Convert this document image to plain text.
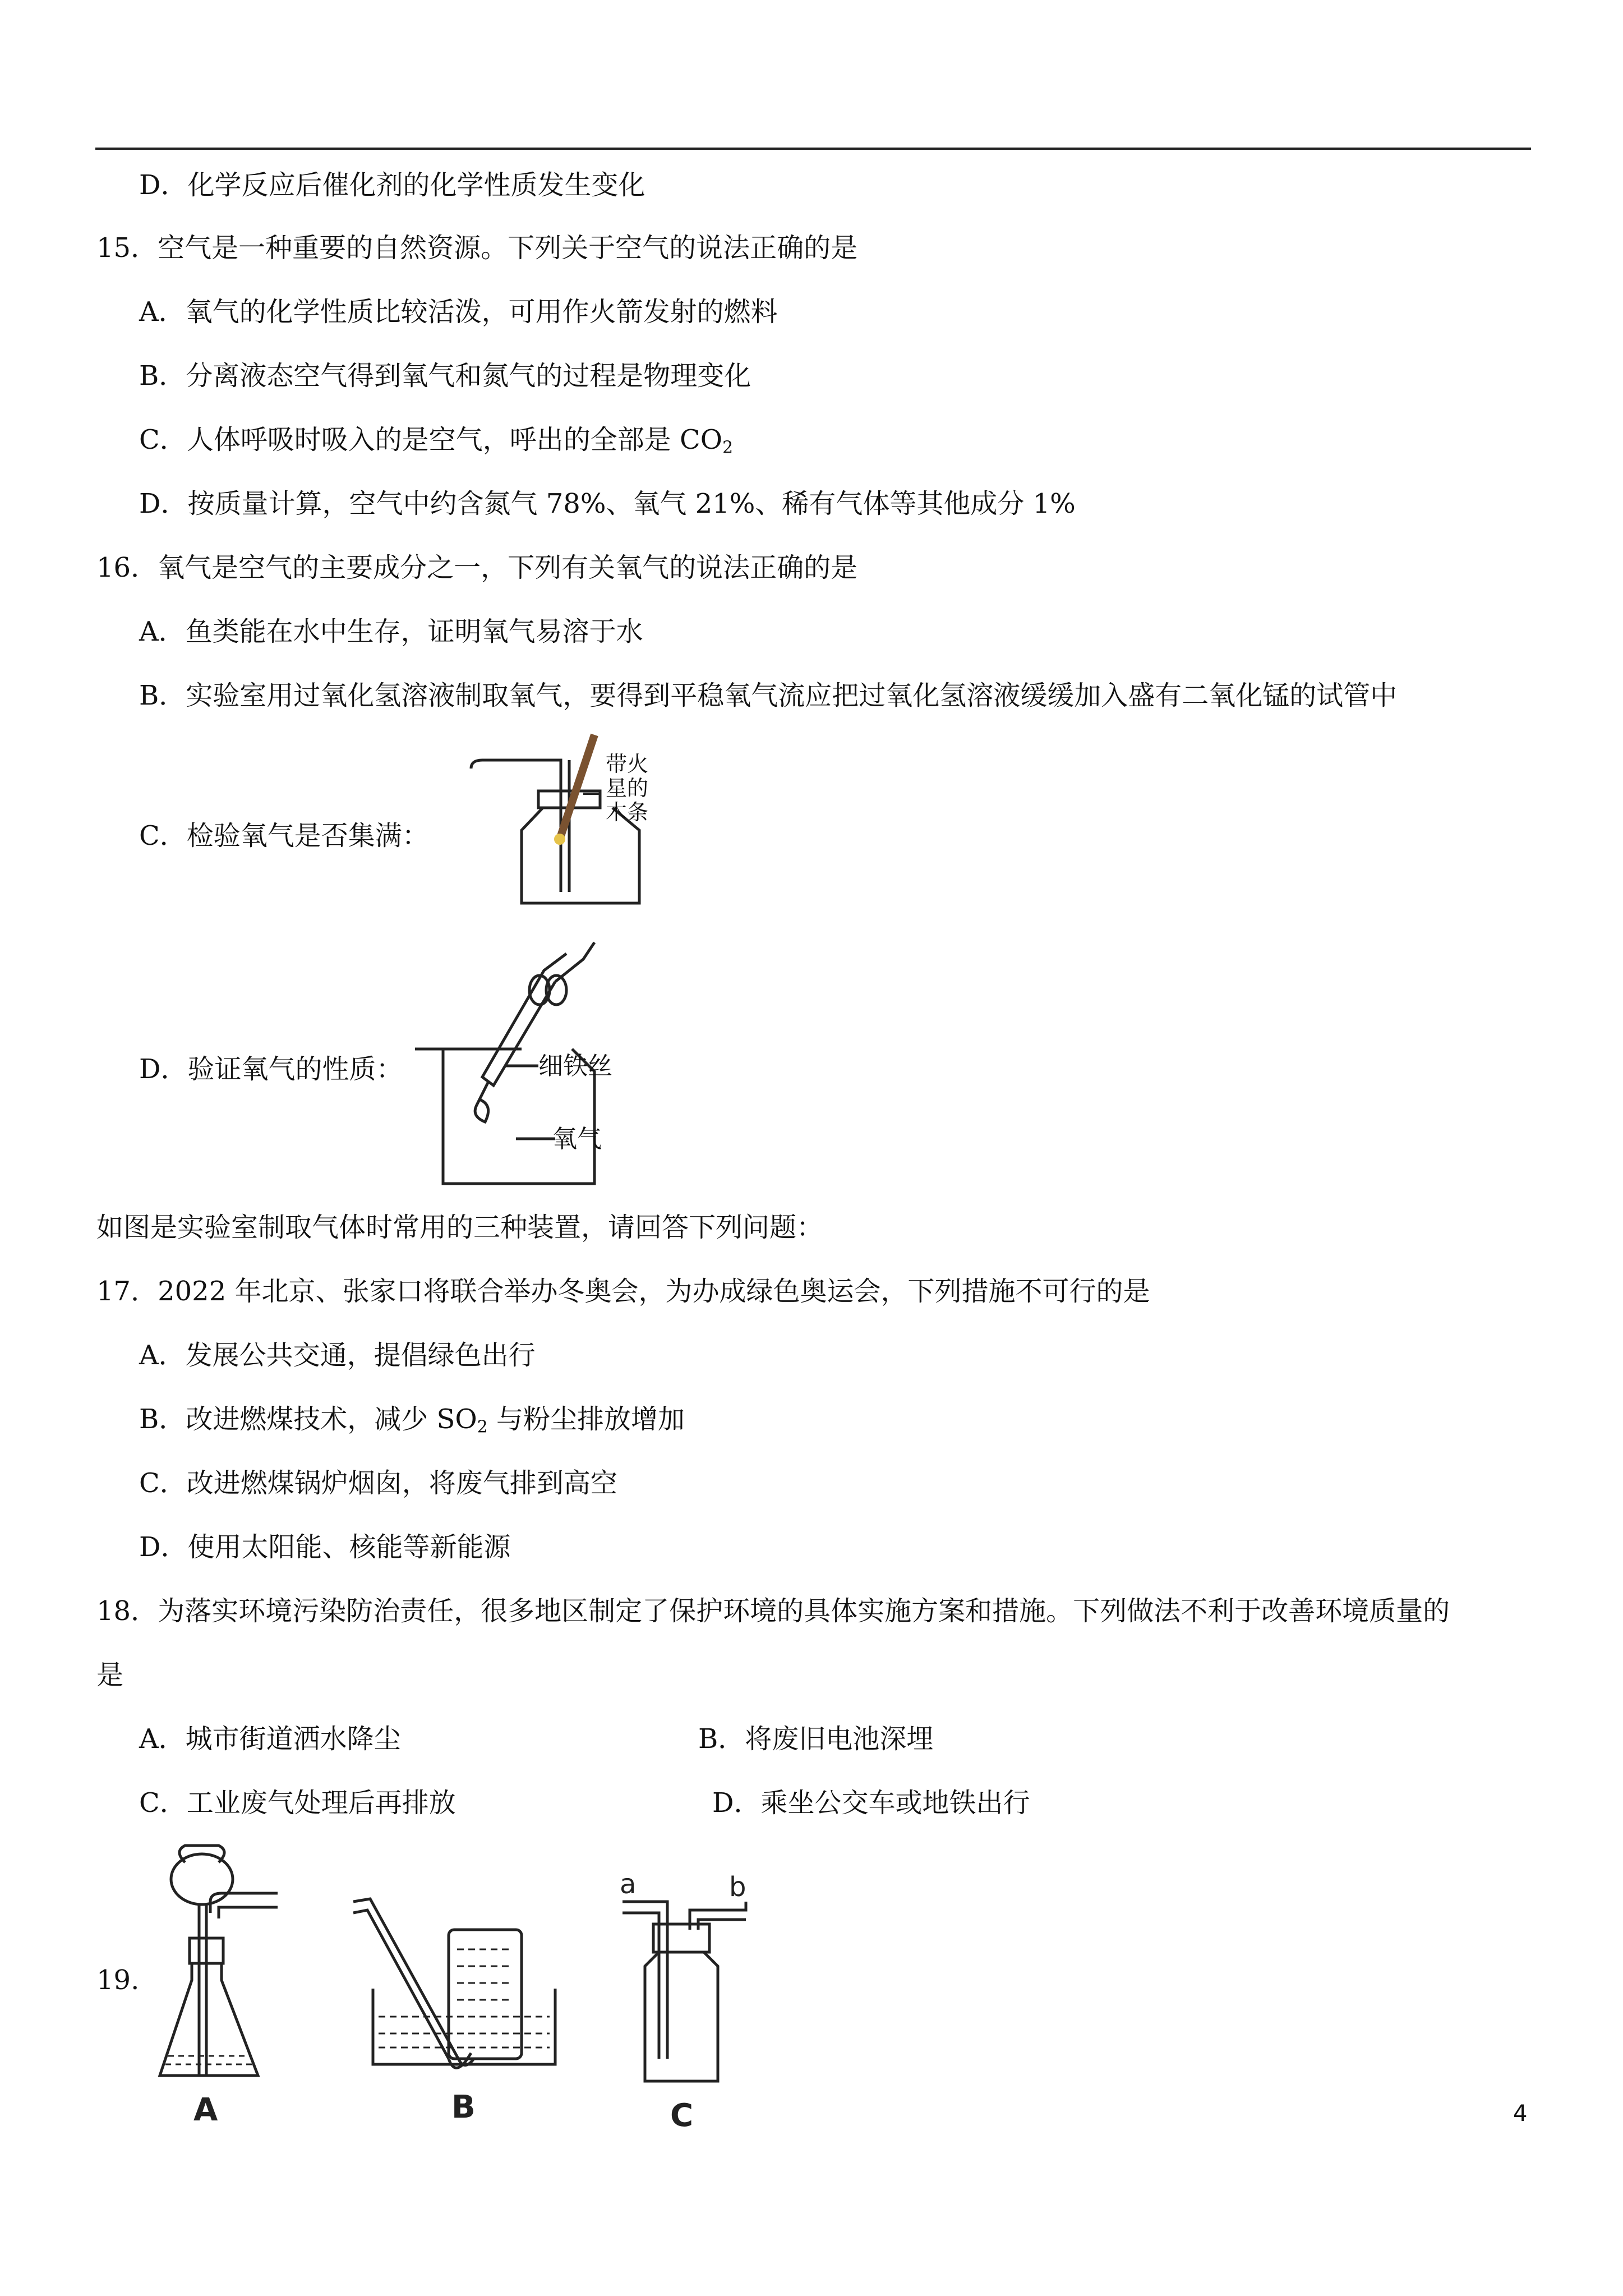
D．化学反应后催化剂的化学性质发生变化
15．空气是一种重要的自然资源。下列关于空气的说法正确的是
A．氧气的化学性质比较活泼，可用作火箭发射的燃料
B．分离液态空气得到氧气和氮气的过程是物理变化
C．人体呼吸时吸入的是空气，呼出的全部是 $CO_2$
D．按质量计算，空气中约含氮气 78%、氧气 21%、稀有气体等其他成分 1%
16．氧气是空气的主要成分之一，下列有关氧气的说法正确的是
A．鱼类能在水中生存，证明氧气易溶于水
B．实验室用过氧化氢溶液制取氧气，要得到平稳氧气流应把过氧化氢溶液缓缓加入盛有二氧化锰的试管中
C．检验氧气是否集满：
带火
星的
木条
D．验证氧气的性质：	细铁丝
氧气
如图是实验室制取气体时常用的三种装置，请回答下列问题：
17．2022 年北京、张家口将联合举办冬奥会，为办成绿色奥运会，下列措施不可行的是
A．发展公共交通，提倡绿色出行
B．改进燃煤技术，减少 $SO_2$ 与粉尘排放增加
C．改进燃煤锅炉烟囱，将废气排到高空
D．使用太阳能、核能等新能源
18．为落实环境污染防治责任，很多地区制定了保护环境的具体实施方案和措施。下列做法不利于改善环境质量的
是
A．城市街道洒水降尘	B．将废旧电池深埋
C．工业废气处理后再排放	D．乘坐公交车或地铁出行
19.
A	B
a	b
C	4
